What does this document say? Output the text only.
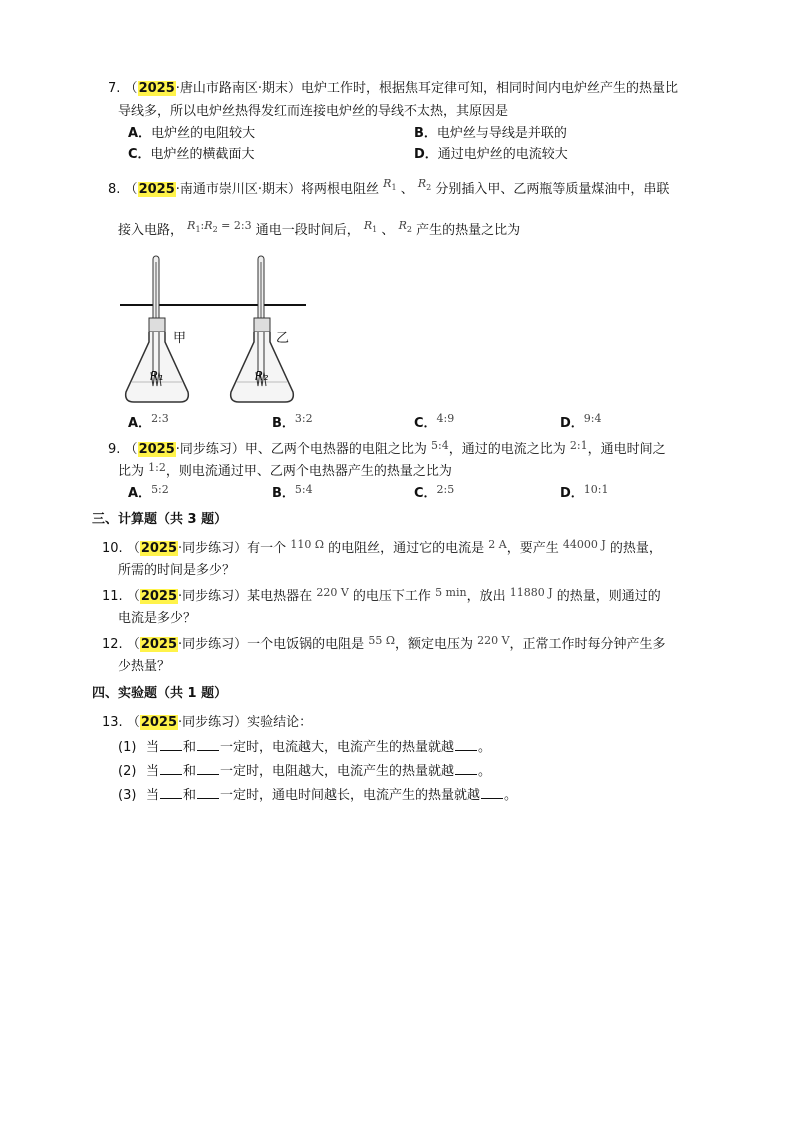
7. （2025·唐山市路南区·期末）电炉工作时，根据焦耳定律可知，相同时间内电炉丝产生的热量比
导线多，所以电炉丝热得发红而连接电炉丝的导线不太热，其原因是
A．电炉丝的电阻较大	B．电炉丝与导线是并联的
C．电炉丝的横截面大	D．通过电炉丝的电流较大
8. （2025·南通市崇川区·期末）将两根电阻丝 $^{R_1}$ 、 $^{R_2}$ 分别插入甲、乙两瓶等质量煤油中，串联
接入电路， $^{R_1:R_2 = 2:3}$ 通电一段时间后， $^{R_1}$ 、 $^{R_2}$ 产生的热量之比为
甲	乙
R₁	R₂
A．$^{2:3}$	B．$^{3:2}$	C．$^{4:9}$	D．$^{9:4}$
9. （2025·同步练习）甲、乙两个电热器的电阻之比为 $^{5:4}$，通过的电流之比为 $^{2:1}$，通电时间之
比为 $^{1:2}$，则电流通过甲、乙两个电热器产生的热量之比为
A．$^{5:2}$	B．$^{5:4}$	C．$^{2:5}$	D．$^{10:1}$
三、计算题（共 3 题）
10. （2025·同步练习）有一个 $^{110 \Omega}$ 的电阻丝，通过它的电流是 $^{2 A}$，要产生 $^{44000 J}$ 的热量，
所需的时间是多少？
11. （2025·同步练习）某电热器在 $^{220 V}$ 的电压下工作 $^{5 min}$，放出 $^{11880 J}$ 的热量，则通过的
电流是多少？
12. （2025·同步练习）一个电饭锅的电阻是 $^{55 \Omega}$，额定电压为 $^{220 V}$，正常工作时每分钟产生多
少热量？
四、实验题（共 1 题）
13. （2025·同步练习）实验结论：
(1) 当 和 一定时，电流越大，电流产生的热量就越 。
(2) 当 和 一定时，电阻越大，电流产生的热量就越 。
(3) 当 和 一定时，通电时间越长，电流产生的热量就越 。
